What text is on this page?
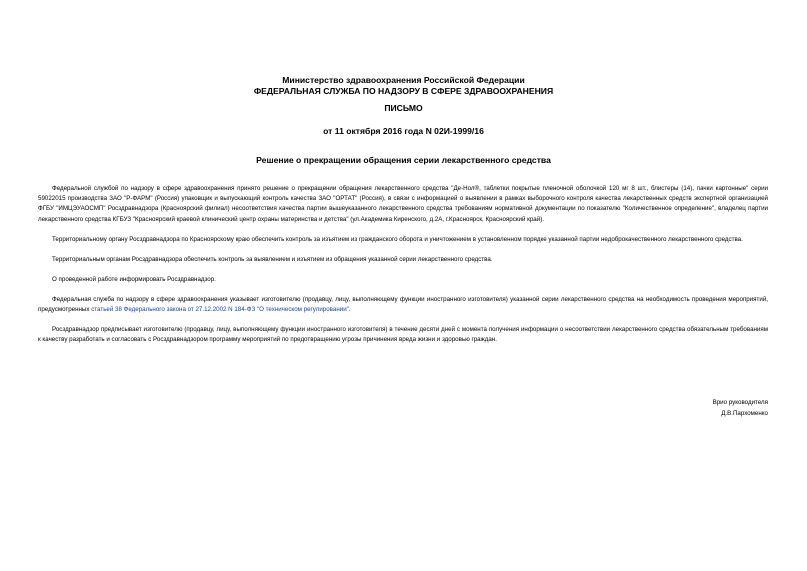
Министерство здравоохранения Российской Федерации
ФЕДЕРАЛЬНАЯ СЛУЖБА ПО НАДЗОРУ В СФЕРЕ ЗДРАВООХРАНЕНИЯ
ПИСЬМО
от 11 октября 2016 года N 02И-1999/16
Решение о прекращении обращения серии лекарственного средства

Федеральной службой по надзору в сфере здравоохранения принято решение о прекращении обращения лекарственного средства "Де-Нол®, таблетки покрытые пленочной оболочкой 120 мг 8 шт., блистеры (14), пачки картонные" серии 59022015 производства ЗАО "Р-ФАРМ" (Россия) упаковщик и выпускающий контроль качества ЗАО "ОРТАТ" (Россия), в связи с информацией о выявлении в рамках выборочного контроля качества лекарственных средств экспертной организацией ФГБУ "ИМЦЭУАОСМП" Росздравнадзора (Красноярский филиал) несоответствия качества партии вышеуказанного лекарственного средства требованиям нормативной документации по показателю "Количественное определение", владелец партии лекарственного средства КГБУЗ "Красноярский краевой клинический центр охраны материнства и детства" (ул.Академика Киренского, д.2А, г.Красноярск, Красноярский край).

Территориальному органу Росздравнадзора по Красноярскому краю обеспечить контроль за изъятием из гражданского оборота и уничтожением в установленном порядке указанной партии недоброкачественного лекарственного средства.

Территориальным органам Росздравнадзора обеспечить контроль за выявлением и изъятием из обращения указанной серии лекарственного средства.

О проведенной работе информировать Росздравнадзор.

Федеральная служба по надзору в сфере здравоохранения указывает изготовителю (продавцу, лицу, выполняющему функции иностранного изготовителя) указанной серии лекарственного средства на необходимость проведения мероприятий, предусмотренных статьей 38 Федерального закона от 27.12.2002 N 184-ФЗ "О техническом регулировании".

Росздравнадзор предписывает изготовителю (продавцу, лицу, выполняющему функции иностранного изготовителя) в течение десяти дней с момента получения информации о несоответствии лекарственного средства обязательным требованиям к качеству разработать и согласовать с Росздравнадзором программу мероприятий по предотвращению угрозы причинения вреда жизни и здоровью граждан.

Врио руководителя
Д.В.Пархоменко
